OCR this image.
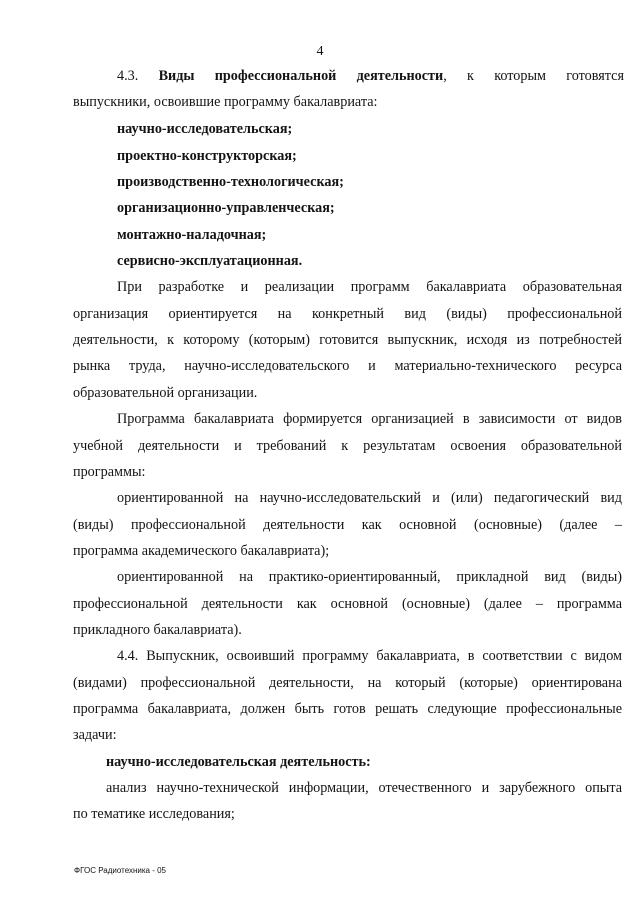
4
4.3. Виды профессиональной деятельности, к которым готовятся
выпускники, освоившие программу бакалавриата:
научно-исследовательская;
проектно-конструкторская;
производственно-технологическая;
организационно-управленческая;
монтажно-наладочная;
сервисно-эксплуатационная.
При разработке и реализации программ бакалавриата образовательная
организация ориентируется на конкретный вид (виды) профессиональной
деятельности, к которому (которым) готовится выпускник, исходя из потребностей
рынка труда, научно-исследовательского и материально-технического ресурса
образовательной организации.
Программа бакалавриата формируется организацией в зависимости от видов
учебной деятельности и требований к результатам освоения образовательной
программы:
ориентированной на научно-исследовательский и (или) педагогический вид
(виды) профессиональной деятельности как основной (основные) (далее –
программа академического бакалавриата);
ориентированной на практико-ориентированный, прикладной вид (виды)
профессиональной деятельности как основной (основные) (далее – программа
прикладного бакалавриата).
4.4. Выпускник, освоивший программу бакалавриата, в соответствии с видом
(видами) профессиональной деятельности, на который (которые) ориентирована
программа бакалавриата, должен быть готов решать следующие профессиональные
задачи:
научно-исследовательская деятельность:
анализ научно-технической информации, отечественного и зарубежного опыта
по тематике исследования;
ФГОС Радиотехника - 05
